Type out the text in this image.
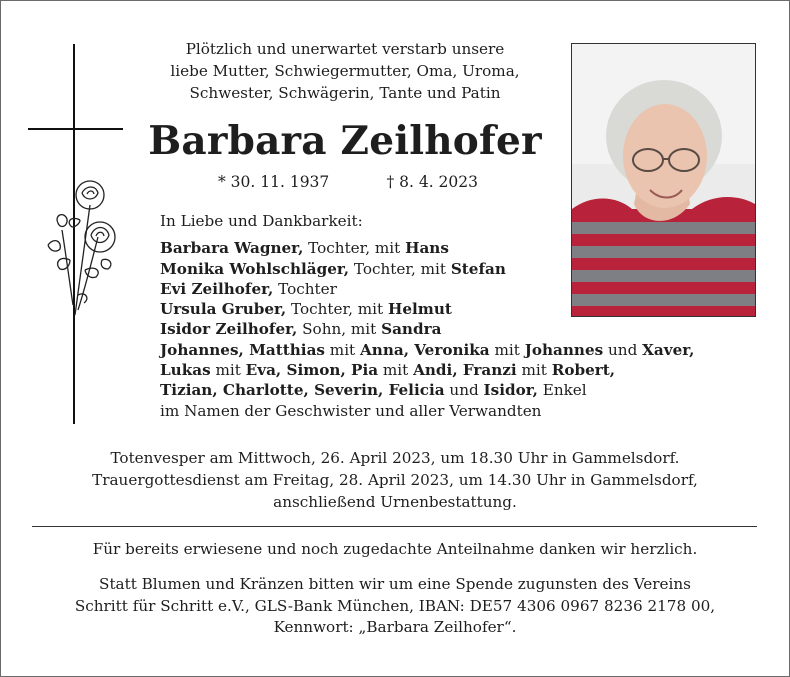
Plötzlich und unerwartet verstarb unsere
liebe Mutter, Schwiegermutter, Oma, Uroma,
Schwester, Schwägerin, Tante und Patin
Barbara Zeilhofer
* 30. 11. 1937	† 8. 4. 2023
In Liebe und Dankbarkeit:
Barbara Wagner, Tochter, mit Hans
Monika Wohlschläger, Tochter, mit Stefan
Evi Zeilhofer, Tochter
Ursula Gruber, Tochter, mit Helmut
Isidor Zeilhofer, Sohn, mit Sandra
Johannes, Matthias mit Anna, Veronika mit Johannes und Xaver,
Lukas mit Eva, Simon, Pia mit Andi, Franzi mit Robert,
Tizian, Charlotte, Severin, Felicia und Isidor, Enkel
im Namen der Geschwister und aller Verwandten
Totenvesper am Mittwoch, 26. April 2023, um 18.30 Uhr in Gammelsdorf.
Trauergottesdienst am Freitag, 28. April 2023, um 14.30 Uhr in Gammelsdorf,
anschließend Urnenbestattung.
Für bereits erwiesene und noch zugedachte Anteilnahme danken wir herzlich.
Statt Blumen und Kränzen bitten wir um eine Spende zugunsten des Vereins
Schritt für Schritt e.V., GLS-Bank München, IBAN: DE57 4306 0967 8236 2178 00,
Kennwort: „Barbara Zeilhofer“.
